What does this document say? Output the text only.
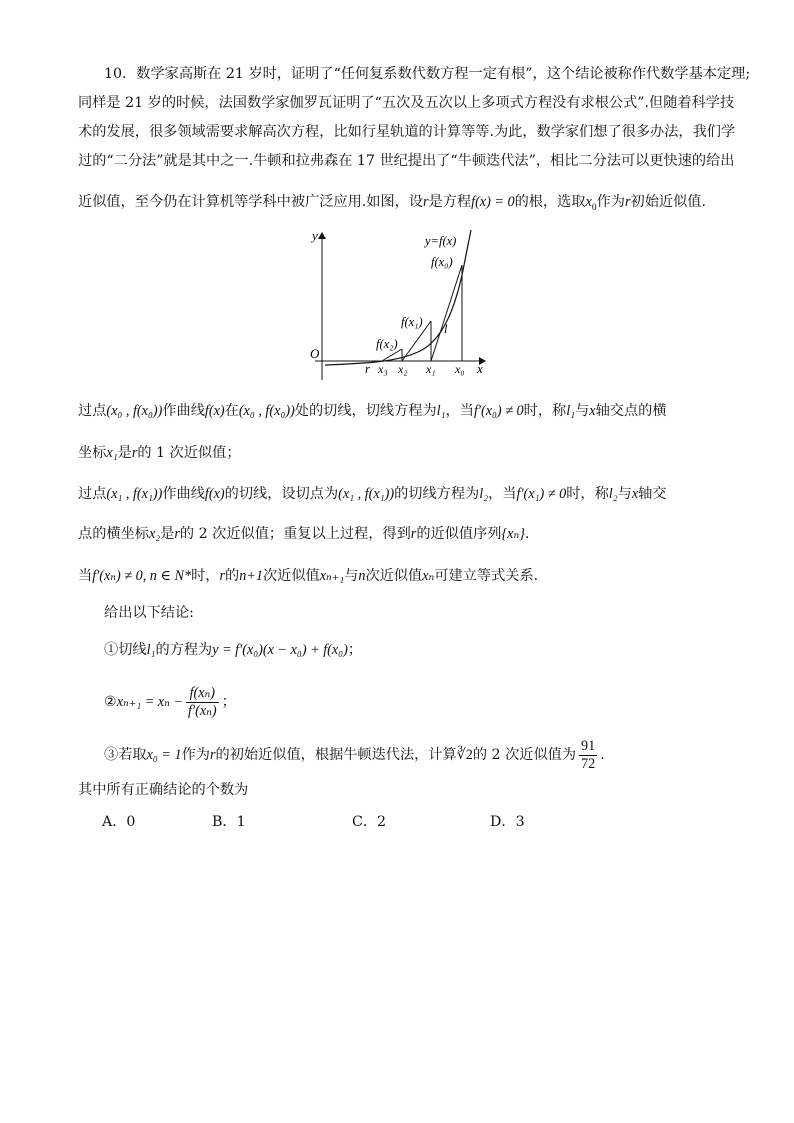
10．数学家高斯在 21 岁时，证明了“任何复系数代数方程一定有根”，这个结论被称作代数学基本定理;
同样是 21 岁的时候，法国数学家伽罗瓦证明了“五次及五次以上多项式方程没有求根公式”.但随着科学技
术的发展，很多领域需要求解高次方程，比如行星轨道的计算等等.为此，数学家们想了很多办法，我们学
过的“二分法”就是其中之一.牛顿和拉弗森在 17 世纪提出了“牛顿迭代法”，相比二分法可以更快速的给出
近似值，至今仍在计算机等学科中被广泛应用.如图，设r是方程f(x) = 0的根，选取$x_0$作为r初始近似值.
y
x
O
y=f(x)
f(x₀)
f(x₁)
f(x₂)
l
r x₃ x₂ x₁ x₀
过点(x₀ , f(x₀))作曲线f(x)在(x₀ , f(x₀))处的切线，切线方程为l₁，当f′(x₀) ≠ 0时，称l₁与x轴交点的横
坐标x₁是r的 1 次近似值；
过点(x₁ , f(x₁))作曲线f(x)的切线，设切点为(x₁ , f(x₁))的切线方程为l₂，当f′(x₁) ≠ 0时，称l₂与x轴交
点的横坐标x₂是r的 2 次近似值；重复以上过程，得到r的近似值序列{xₙ}.
当f′(xₙ) ≠ 0, n ∈ N*时，r的n+1次近似值xₙ₊₁与n次近似值xₙ可建立等式关系.
给出以下结论:
①切线l₁的方程为y = f′(x₀)(x − x₀) + f(x₀)；
②xₙ₊₁ = $x_n - \frac{\text{f(xₙ)}}{\text{f′(xₙ)}}$ ；
③若取x₀ = 1作为r的初始近似值，根据牛顿迭代法，计算∛2的 2 次近似值为 $\frac{91}{72}$ .
其中所有正确结论的个数为
A．0	B．1	C．2	D．3
